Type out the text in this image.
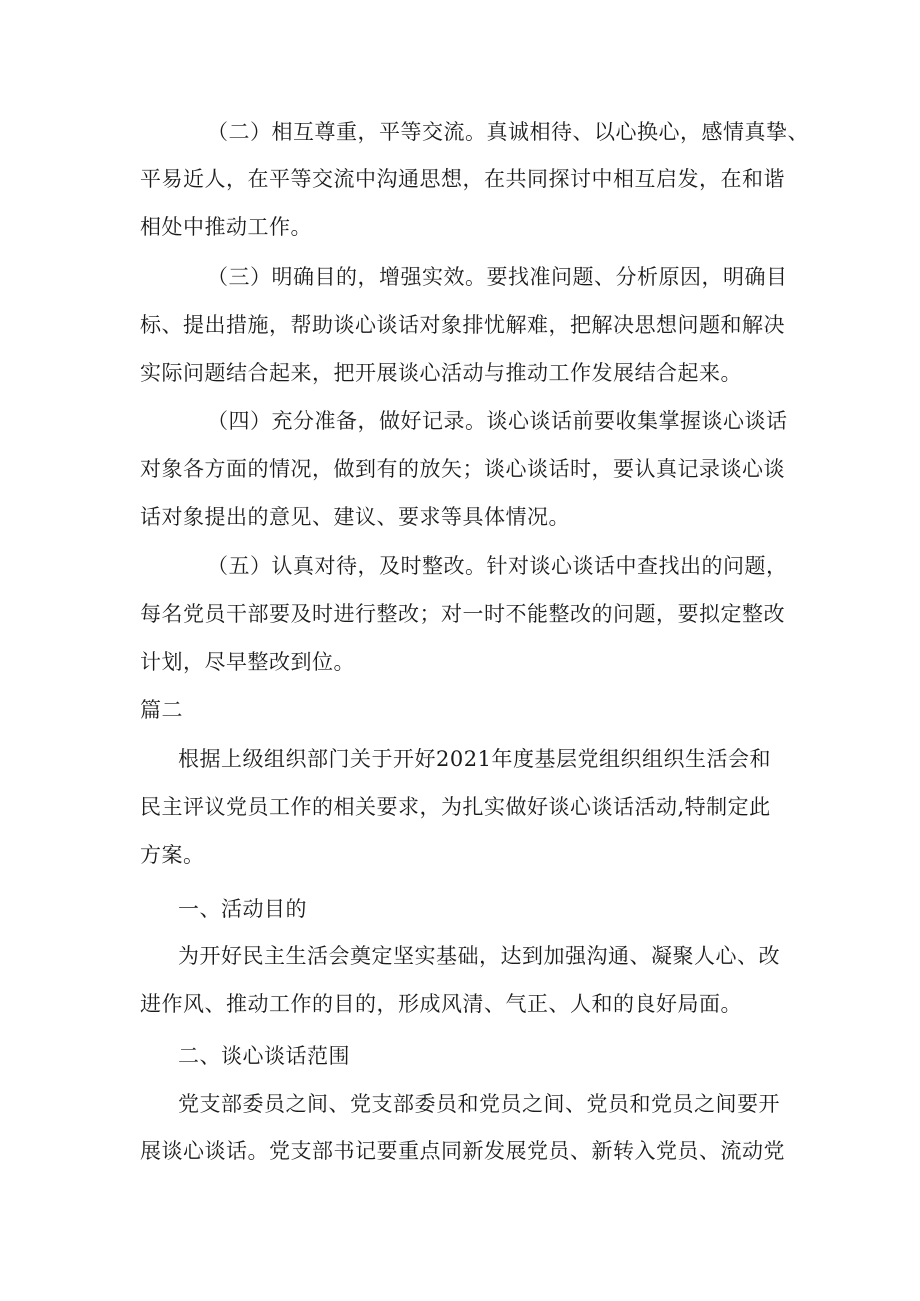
（二）相互尊重，平等交流。真诚相待、以心换心，感情真挚、
平易近人，在平等交流中沟通思想，在共同探讨中相互启发，在和谐
相处中推动工作。
（三）明确目的，增强实效。要找准问题、分析原因，明确目
标、提出措施，帮助谈心谈话对象排忧解难，把解决思想问题和解决
实际问题结合起来，把开展谈心活动与推动工作发展结合起来。
（四）充分准备，做好记录。谈心谈话前要收集掌握谈心谈话
对象各方面的情况，做到有的放矢；谈心谈话时，要认真记录谈心谈
话对象提出的意见、建议、要求等具体情况。
（五）认真对待，及时整改。针对谈心谈话中查找出的问题，
每名党员干部要及时进行整改；对一时不能整改的问题，要拟定整改
计划，尽早整改到位。
篇二
根据上级组织部门关于开好2021年度基层党组织组织生活会和
民主评议党员工作的相关要求，为扎实做好谈心谈话活动,特制定此
方案。
一、活动目的
为开好民主生活会奠定坚实基础，达到加强沟通、凝聚人心、改
进作风、推动工作的目的，形成风清、气正、人和的良好局面。
二、谈心谈话范围
党支部委员之间、党支部委员和党员之间、党员和党员之间要开
展谈心谈话。党支部书记要重点同新发展党员、新转入党员、流动党
